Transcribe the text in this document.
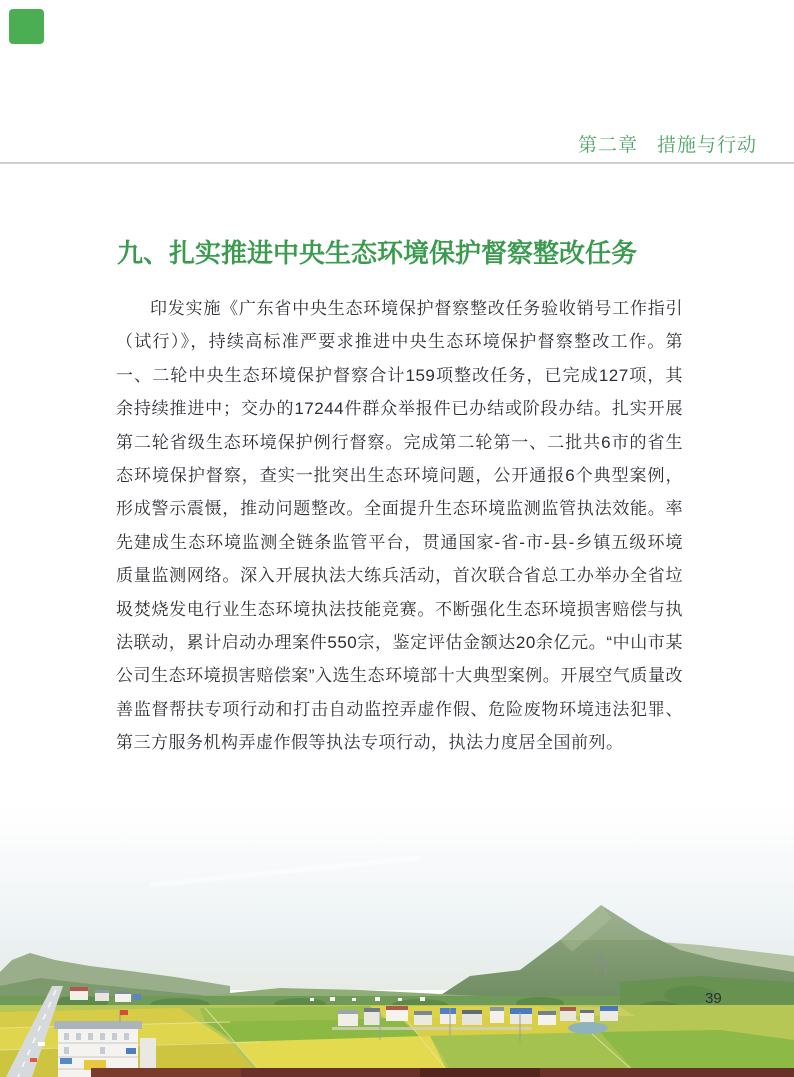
第二章 措施与行动
九、扎实推进中央生态环境保护督察整改任务

印发实施《广东省中央生态环境保护督察整改任务验收销号工作指引（试行）》，持续高标准严要求推进中央生态环境保护督察整改工作。第一、二轮中央生态环境保护督察合计159项整改任务，已完成127项，其余持续推进中；交办的17244件群众举报件已办结或阶段办结。扎实开展第二轮省级生态环境保护例行督察。完成第二轮第一、二批共6市的省生态环境保护督察，查实一批突出生态环境问题，公开通报6个典型案例，形成警示震慑，推动问题整改。全面提升生态环境监测监管执法效能。率先建成生态环境监测全链条监管平台，贯通国家-省-市-县-乡镇五级环境质量监测网络。深入开展执法大练兵活动，首次联合省总工办举办全省垃圾焚烧发电行业生态环境执法技能竞赛。不断强化生态环境损害赔偿与执法联动，累计启动办理案件550宗，鉴定评估金额达20余亿元。“中山市某公司生态环境损害赔偿案”入选生态环境部十大典型案例。开展空气质量改善监督帮扶专项行动和打击自动监控弄虚作假、危险废物环境违法犯罪、第三方服务机构弄虚作假等执法专项行动，执法力度居全国前列。

39
